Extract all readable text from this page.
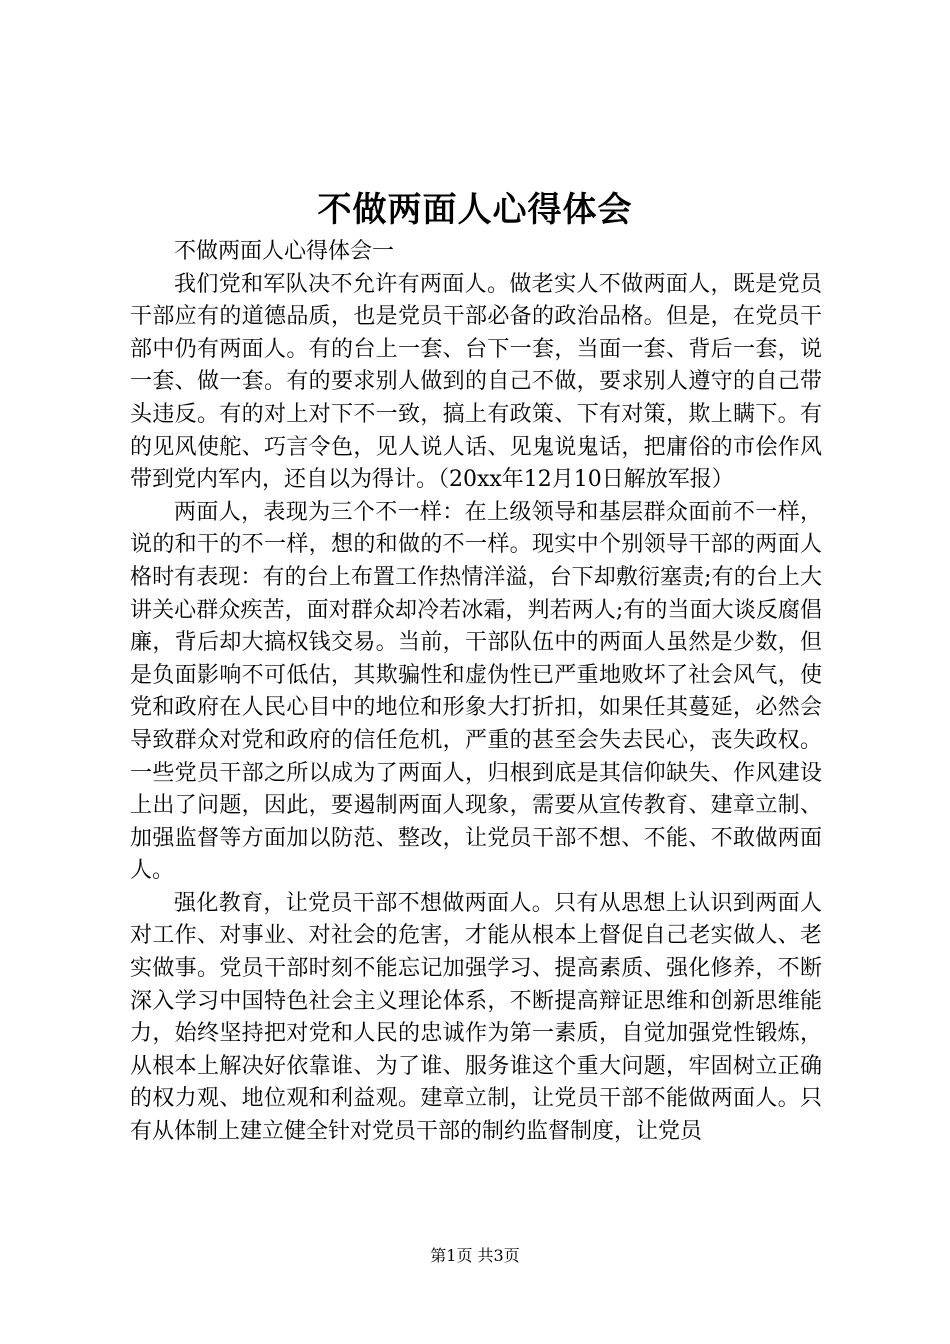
不做两面人心得体会

不做两面人心得体会一

我们党和军队决不允许有两面人。做老实人不做两面人，既是党员干部应有的道德品质，也是党员干部必备的政治品格。但是，在党员干部中仍有两面人。有的台上一套、台下一套，当面一套、背后一套，说一套、做一套。有的要求别人做到的自己不做，要求别人遵守的自己带头违反。有的对上对下不一致，搞上有政策、下有对策，欺上瞒下。有的见风使舵、巧言令色，见人说人话、见鬼说鬼话，把庸俗的市侩作风带到党内军内，还自以为得计。（20xx年12月10日解放军报）

两面人，表现为三个不一样：在上级领导和基层群众面前不一样，说的和干的不一样，想的和做的不一样。现实中个别领导干部的两面人格时有表现：有的台上布置工作热情洋溢，台下却敷衍塞责;有的台上大讲关心群众疾苦，面对群众却冷若冰霜，判若两人;有的当面大谈反腐倡廉，背后却大搞权钱交易。当前，干部队伍中的两面人虽然是少数，但是负面影响不可低估，其欺骗性和虚伪性已严重地败坏了社会风气，使党和政府在人民心目中的地位和形象大打折扣，如果任其蔓延，必然会导致群众对党和政府的信任危机，严重的甚至会失去民心，丧失政权。一些党员干部之所以成为了两面人，归根到底是其信仰缺失、作风建设上出了问题，因此，要遏制两面人现象，需要从宣传教育、建章立制、加强监督等方面加以防范、整改，让党员干部不想、不能、不敢做两面人。

强化教育，让党员干部不想做两面人。只有从思想上认识到两面人对工作、对事业、对社会的危害，才能从根本上督促自己老实做人、老实做事。党员干部时刻不能忘记加强学习、提高素质、强化修养，不断深入学习中国特色社会主义理论体系，不断提高辩证思维和创新思维能力，始终坚持把对党和人民的忠诚作为第一素质，自觉加强党性锻炼，从根本上解决好依靠谁、为了谁、服务谁这个重大问题，牢固树立正确的权力观、地位观和利益观。建章立制，让党员干部不能做两面人。只有从体制上建立健全针对党员干部的制约监督制度，让党员

第1页 共3页
